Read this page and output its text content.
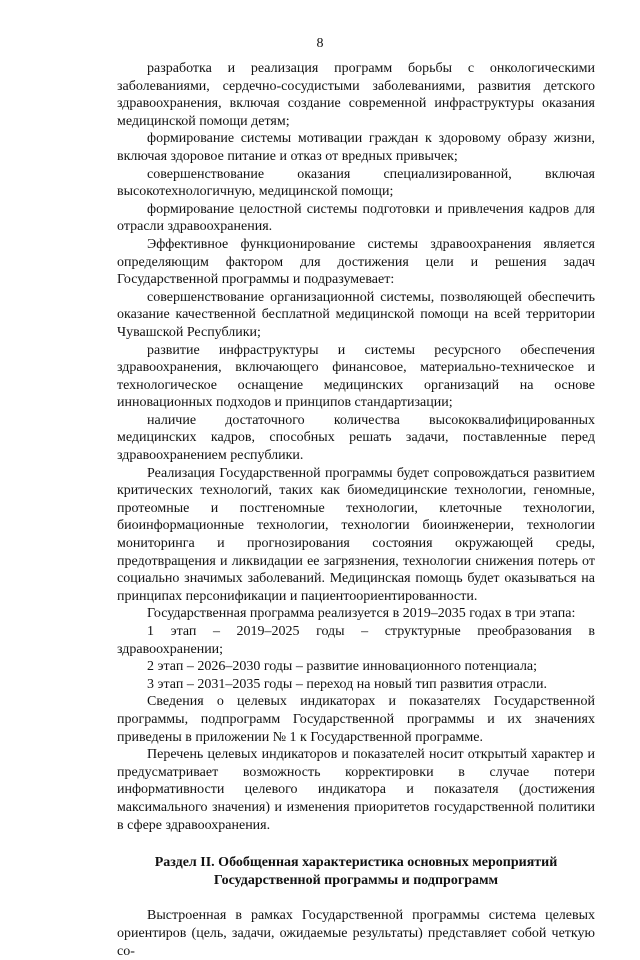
8

разработка и реализация программ борьбы с онкологическими заболеваниями, сердечно-сосудистыми заболеваниями, развития детского здравоохранения, включая создание современной инфраструктуры оказания медицинской помощи детям;

формирование системы мотивации граждан к здоровому образу жизни, включая здоровое питание и отказ от вредных привычек;

совершенствование оказания специализированной, включая высокотехнологичную, медицинской помощи;

формирование целостной системы подготовки и привлечения кадров для отрасли здравоохранения.

Эффективное функционирование системы здравоохранения является определяющим фактором для достижения цели и решения задач Государственной программы и подразумевает:

совершенствование организационной системы, позволяющей обеспечить оказание качественной бесплатной медицинской помощи на всей территории Чувашской Республики;

развитие инфраструктуры и системы ресурсного обеспечения здравоохранения, включающего финансовое, материально-техническое и технологическое оснащение медицинских организаций на основе инновационных подходов и принципов стандартизации;

наличие достаточного количества высококвалифицированных медицинских кадров, способных решать задачи, поставленные перед здравоохранением республики.

Реализация Государственной программы будет сопровождаться развитием критических технологий, таких как биомедицинские технологии, геномные, протеомные и постгеномные технологии, клеточные технологии, биоинформационные технологии, технологии биоинженерии, технологии мониторинга и прогнозирования состояния окружающей среды, предотвращения и ликвидации ее загрязнения, технологии снижения потерь от социально значимых заболеваний. Медицинская помощь будет оказываться на принципах персонификации и пациентоориентированности.

Государственная программа реализуется в 2019–2035 годах в три этапа:

1 этап – 2019–2025 годы – структурные преобразования в здравоохранении;

2 этап – 2026–2030 годы – развитие инновационного потенциала;

3 этап – 2031–2035 годы – переход на новый тип развития отрасли.

Сведения о целевых индикаторах и показателях Государственной программы, подпрограмм Государственной программы и их значениях приведены в приложении № 1 к Государственной программе.

Перечень целевых индикаторов и показателей носит открытый характер и предусматривает возможность корректировки в случае потери информативности целевого индикатора и показателя (достижения максимального значения) и изменения приоритетов государственной политики в сфере здравоохранения.

Раздел II. Обобщенная характеристика основных мероприятий
Государственной программы и подпрограмм

Выстроенная в рамках Государственной программы система целевых ориентиров (цель, задачи, ожидаемые результаты) представляет собой четкую со-
